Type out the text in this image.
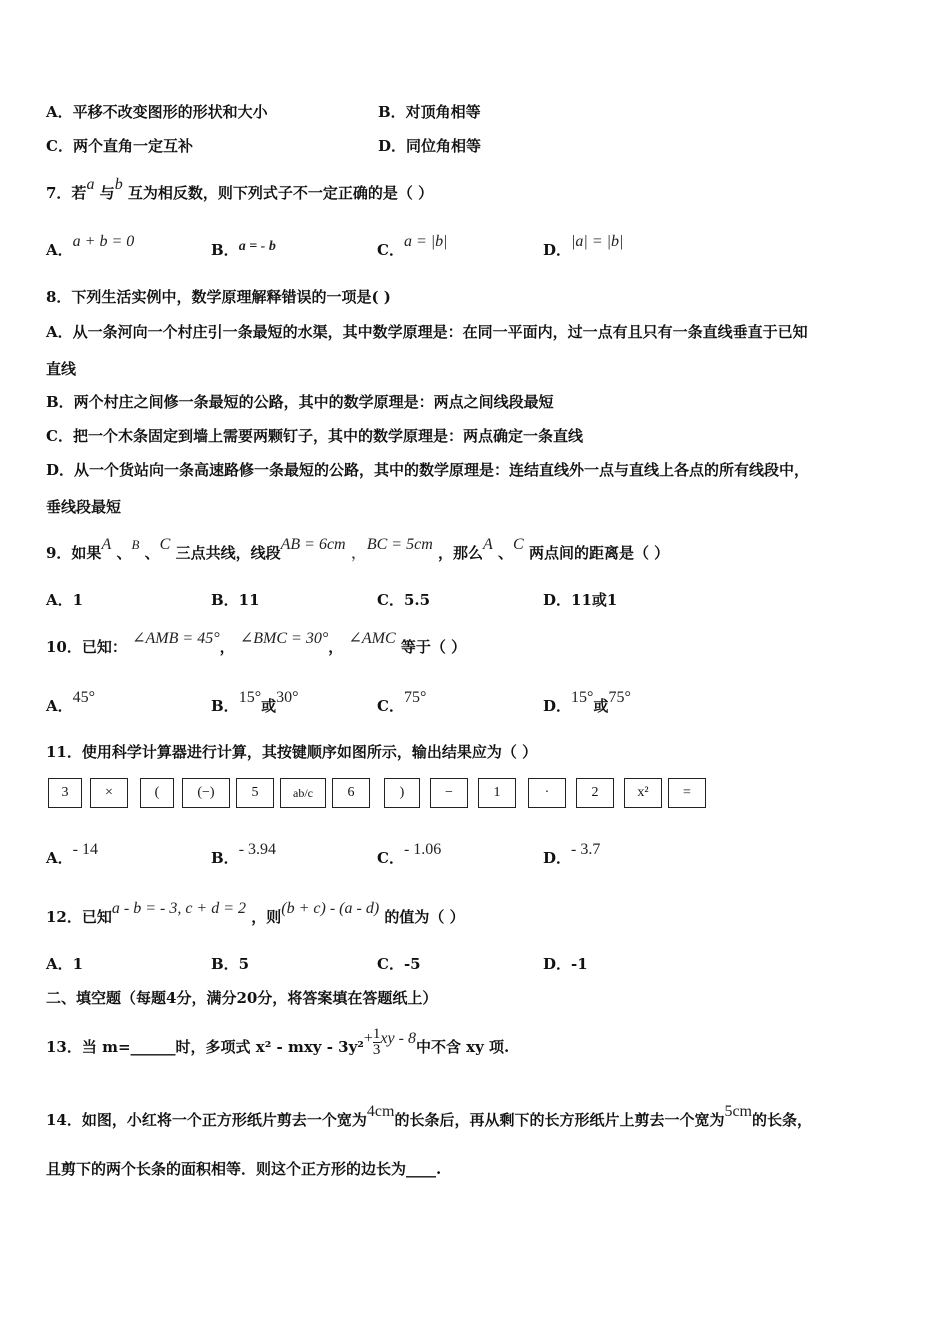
A．平移不改变图形的形状和大小	B．对顶角相等
C．两个直角一定互补	D．同位角相等
7．若a 与b 互为相反数，则下列式子不一定正确的是（ ）
A．a + b = 0	B．a = - b	C．a = |b|	D．|a| = |b|
8．下列生活实例中，数学原理解释错误的一项是( )
A．从一条河向一个村庄引一条最短的水渠，其中数学原理是：在同一平面内，过一点有且只有一条直线垂直于已知
直线
B．两个村庄之间修一条最短的公路，其中的数学原理是：两点之间线段最短
C．把一个木条固定到墙上需要两颗钉子，其中的数学原理是：两点确定一条直线
D．从一个货站向一条高速路修一条最短的公路，其中的数学原理是：连结直线外一点与直线上各点的所有线段中，
垂线段最短
9．如果A 、B 、C 三点共线，线段AB = 6cm ，BC = 5cm ，那么A 、C 两点间的距离是（ ）
A．1	B．11	C．5.5	D．11或1
10．已知： ∠AMB = 45°， ∠BMC = 30°， ∠AMC 等于（ ）
A．45°	B．15°或30°	C．75°	D．15°或75°
11．使用科学计算器进行计算，其按键顺序如图所示，输出结果应为（ ）
3	×	(	(−)	5	ab/c	6	)	−	1	·	2	x²	=
A．- 14	B．- 3.94	C．- 1.06	D．- 3.7
12．已知a - b = - 3, c + d = 2 ，则(b + c) - (a - d) 的值为（ ）
A．1	B．5	C．-5	D．-1
二、填空题（每题4分，满分20分，将答案填在答题纸上）
13．当 m=______时，多项式 x² - mxy - $3y^2+ \frac{1}{3}$ xy - 8中不含 xy 项.
14．如图，小红将一个正方形纸片剪去一个宽为4cm的长条后，再从剩下的长方形纸片上剪去一个宽为5cm的长条，
且剪下的两个长条的面积相等．则这个正方形的边长为____.
